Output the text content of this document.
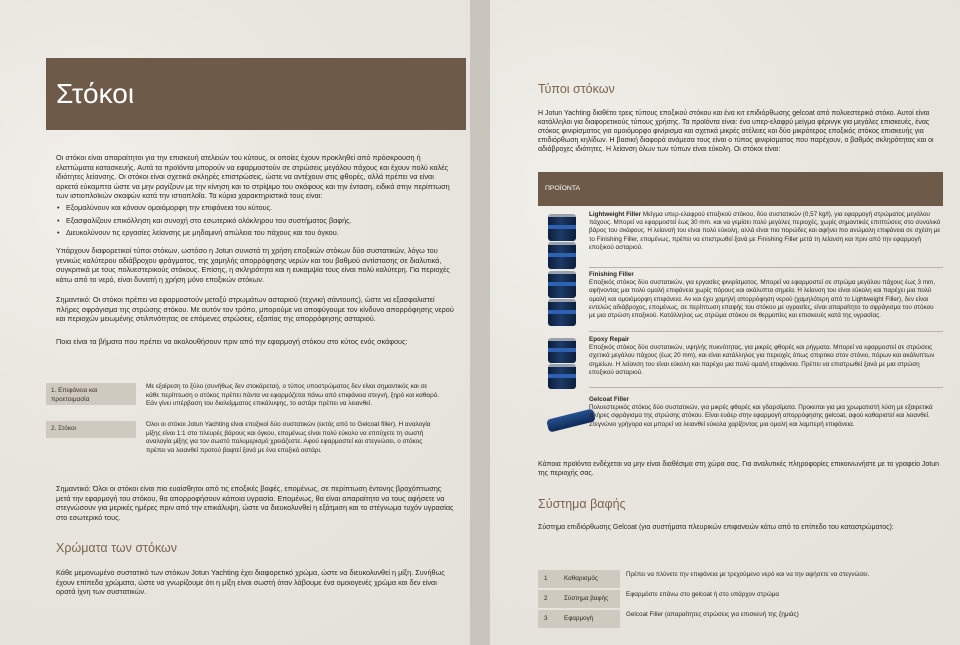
Στόκοι

Οι στόκοι είναι απαραίτητοι για την επισκευή ατελειών του κύτους, οι οποίες έχουν προκληθεί από πρόσκρουση ή ελαττώματα κατασκευής. Αυτά τα προϊόντα μπορούν να εφαρμοστούν σε στρώσεις μεγάλου πάχους και έχουν πολύ καλές ιδιότητες λείανσης. Οι στόκοι είναι σχετικά σκληρές επιστρώσεις, ώστε να αντέχουν στις φθορές, αλλά πρέπει να είναι αρκετά εύκαμπτα ώστε να μην ραγίζουν με την κίνηση και το στρίψιμο του σκάφους και την ένταση, ειδικά στην περίπτωση των ιστιοπλοϊκών σκαφών κατά την ιστιοπλοΐα. Τα κύρια χαρακτηριστικά τους είναι:

• Εξομαλύνουν και κάνουν ομοιόμορφη την επιφάνεια του κύτους.
• Εξασφαλίζουν επικόλληση και συνοχή στο εσωτερικό ολόκληρου του συστήματος βαφής.
• Διευκολύνουν τις εργασίες λείανσης με μηδαμινή απώλεια του πάχους και του όγκου.

Υπάρχουν διαφορετικοί τύποι στόκων, ωστόσο η Jotun συνιστά τη χρήση εποξικών στόκων δύο συστατικών, λόγω του γενικώς καλύτερου αδιάβροχου φράγματος, της χαμηλής απορρόφησης νερών και του βαθμού αντίστασης σε διαλυτικά, συγκριτικά με τους πολυεστερικούς στόκους. Επίσης, η σκληρότητα και η ευκαμψία τους είναι πολύ καλύτερη. Για περιοχές κάτω από το νερό, είναι δυνατή η χρήση μόνο εποξικών στόκων.

Σημαντικό: Οι στόκοι πρέπει να εφαρμοστούν μεταξύ στρωμάτων ασταριού (τεχνική σάντουιτς), ώστε να εξασφαλιστεί πλήρες σφράγισμα της στρώσης στόκου. Με αυτόν τον τρόπο, μπορούμε να αποφύγουμε τον κίνδυνο απορρόφησης νερού και περιοχών μειωμένης στιλπνότητας σε επόμενες στρώσεις, εξαιτίας της απορρόφησης ασταριού.

Ποια είναι τα βήματα που πρέπει να ακολουθήσουν πριν από την εφαρμογή στόκου στο κύτος ενός σκάφους:

1. Επιφάνεια και προετοιμασία
Με εξαίρεση το ξύλο (συνήθως δεν στοκάρεται), ο τύπος υποστρώματος δεν είναι σημαντικός και σε κάθε περίπτωση ο στόκος πρέπει πάντα να εφαρμόζεται πάνω από επιφάνεια στεγνή, ξηρό και καθαρό. Εάν γίνει υπέρβαση του διαλείμματος επικάλυψης, το αστάρι πρέπει να λειανθεί.
2. Στόκοι
Όλοι οι στόκοι Jotun Yachting είναι εποξικοί δύο συστατικών (εκτός από το Gelcoat filler). Η αναλογία μίξης είναι 1:1 στο πλευρές βάρους και όγκου, επομένως είναι πολύ εύκολο να επιτύχετε τη σωστή αναλογία μίξης για τον σωστό πολυμερισμό χρειάζεστε. Αφού εφαρμοστεί και στεγνώσει, ο στόκος πρέπει να λειανθεί προτού βαφτεί ξανά με ένα εποξικό αστάρι.

Σημαντικό: Όλοι οι στόκοι είναι πιο ευαίσθητοι από τις εποξικές βαφές, επομένως, σε περίπτωση έντονης βροχόπτωσης μετά την εφαρμογή του στόκου, θα απορροφήσουν κάποια υγρασία. Επομένως, θα είναι απαραίτητο να τους αφήσετε να στεγνώσουν για μερικές ημέρες πριν από την επικάλυψη, ώστε να διευκολυνθεί η εξάτμιση και το στέγνωμα τυχόν υγρασίας στο εσωτερικό τους.

Χρώματα των στόκων

Κάθε μεμονωμένο συστατικό των στόκων Jotun Yachting έχει διαφορετικό χρώμα, ώστε να διευκολυνθεί η μίξη. Συνήθως έχουν επίπεδα χρώματα, ώστε να γνωρίζουμε ότι η μίξη είναι σωστή όταν λάβουμε ένα ομοιογενές χρώμα και δεν είναι ορατά ίχνη των συστατικών.

Τύποι στόκων

Η Jotun Yachting διαθέτει τρεις τύπους εποξικού στόκου και ένα κιτ επιδιόρθωσης gelcoat από πολυεστερικό στόκο. Αυτοί είναι κατάλληλοι για διαφορετικούς τύπους χρήσης. Τα προϊόντα είναι: ένα υπερ-ελαφρύ μείγμα φέρινγκ για μεγάλες επισκευές, ένας στόκος φινιρίσματος για ομοιόμορφο φινίρισμα και σχετικά μικρές ατέλειες και δύο μικρότερος εποξικός στόκος επισκευής για επιδιόρθωση κηλίδων. Η βασική διαφορά ανάμεσα τους είναι ο τύπος φινιρίσματος που παρέχουν, ο βαθμός σκληρότητας και οι αδιάβροχες ιδιότητες. Η λείανση όλων των τύπων είναι εύκολη. Οι στόκοι είναι:

ΠΡΟΪΟΝΤΑ
Lightweight Filler Μείγμα υπερ-ελαφρού εποξικού στόκου, δύο συστατικών (0,57 kg/l), για εφαρμογή στρώματος μεγάλου πάχους. Μπορεί να εφαρμοστεί έως 30 mm. και να γεμίσει πολύ μεγάλες περιοχές, χωρίς σημαντικές επιπτώσεις στο συνολικό βάρος του σκάφους. Η λείανσή του είναι πολύ εύκολη, αλλά είναι πιο πορώδες και αφήνει πιο ανώμαλη επιφάνεια σε σχέση με το Finishing Filler, επομένως, πρέπει να επιστρωθεί ξανά με Finishing Filler μετά τη λείανση και πριν από την εφαρμογή εποξικού ασταριού.
Finishing Filler
Εποξικός στόκος δύο συστατικών, για εργασίες φινιρίσματος. Μπορεί να εφαρμοστεί σε στρώμα μεγάλου πάχους έως 3 mm, αφήνοντας μια πολύ ομαλή επιφάνεια χωρίς πόρους και ακάλυπτα σημεία. Η λείανση του είναι εύκολη και παρέχει μια πολύ ομαλή και ομοιόμορφη επιφάνεια. Αν και έχει χαμηλή απορρόφηση νερού (χαμηλότερη από το Lightweight Filler), δεν είναι εντελώς αδιάβροχος, επομένως, σε περίπτωση επαφής του στόκου με υγρασίες, είναι απαραίτητο το σφράγισμα του στόκου με μια στρώση εποξικού. Κατάλληλος ως στρώμα στόκου σε θερμοπίες και επισκευές κατά της υγρασίας.
Epoxy Repair
Εποξικός στόκος δύο συστατικών, υψηλής πυκνότητας, για μικρές φθορές και ρήγματα. Μπορεί να εφαρμοστεί σε στρώσεις σχετικά μεγάλου πάχους (έως 20 mm), και είναι κατάλληλος για περιοχές όπως σπιρτικα στον στόνιο, πόρων και ακάλυπτων σημείων. Η λείανση του είναι εύκολη και παρέχει μια πολύ ομαλή επιφάνεια. Πρέπει να επιστρωθεί ξανά με μια στρώση εποξικού ασταριού.
Gelcoat Filler
Πολυεστερικός στόκος δύο συστατικών, για μικρές φθορές και γδαρσίματα. Προκειται για μια χρωματιστή λύση με εξαιρετικά πλήρες σφράγισμα της στρώσης στόκου. Είναι ευάερ στην εφαρμογή απορρόφησης gelcoat, αφού καθαριστεί και λειανθεί. Στεγνώνει γρήγορα και μπορεί να λειανθεί εύκολα χαρίζοντας μια ομαλή και λαμπερή επιφάνεια.

Κάποια προϊόντα ενδέχεται να μην είναι διαθέσιμα στη χώρα σας. Για αναλυτικές πληροφορίες επικοινωνήστε με το γραφείο Jotun της περιοχής σας.

Σύστημα βαφής

Σύστημα επιδιόρθωσης Gelcoat (για συστήματα πλευρικών επιφανειών κάτω από το επίπεδο του καταστρώματος):

1	Καθαρισμός
Πρέπει να πλύνετε την επιφάνεια με τρεχούμενο νερό και να την αφήσετε να στεγνώσει.
2	Σύστημα βαφής
Εφαρμόστε επάνω στο gelcoat ή στο υπάρχον στρώμα
3	Εφαρμογή
Gelcoat Filler (απαραίτητες στρώσεις για επισκευή της ζημιάς)
